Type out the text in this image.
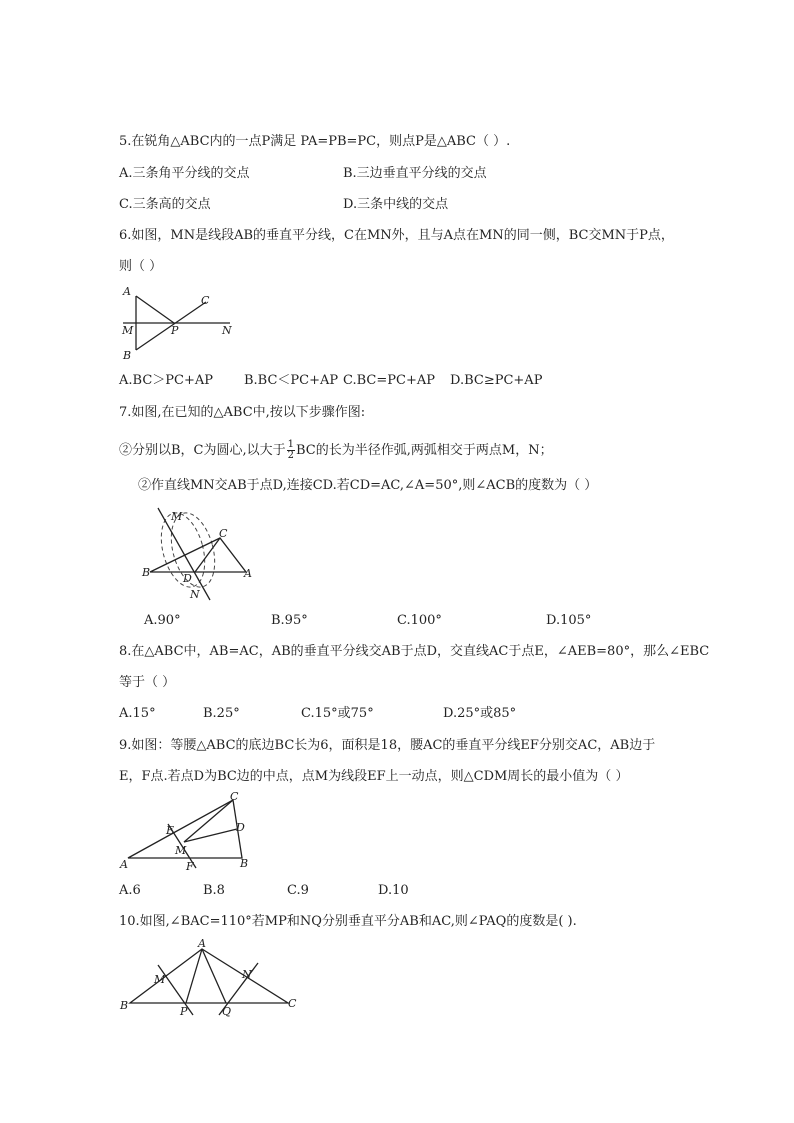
5.在锐角△ABC内的一点P满足 PA=PB=PC，则点P是△ABC（ ）.
A.三条角平分线的交点	B.三边垂直平分线的交点
C.三条高的交点	D.三条中线的交点
6.如图，MN是线段AB的垂直平分线，C在MN外，且与A点在MN的同一侧，BC交MN于P点，
则（ ）
A
B
C
M	N
P
A.BC＞PC+AP B.BC＜PC+AP C.BC=PC+AP D.BC≥PC+AP
7.如图,在已知的△ABC中,按以下步骤作图:
②分别以B，C为圆心,以大于 $\frac{1}{2}$ BC的长为半径作弧,两弧相交于两点M，N；
②作直线MN交AB于点D,连接CD.若CD=AC,∠A=50°,则∠ACB的度数为（ ）
M
C
B	D	A
N
A.90°	B.95°	C.100°	D.105°
8.在△ABC中，AB=AC，AB的垂直平分线交AB于点D，交直线AC于点E，∠AEB=80°，那么∠EBC
等于（ ）
A.15°	B.25°	C.15°或75°	D.25°或85°
9.如图：等腰△ABC的底边BC长为6，面积是18，腰AC的垂直平分线EF分别交AC，AB边于
E，F点.若点D为BC边的中点，点M为线段EF上一动点，则△CDM周长的最小值为（ ）
C
E	D
M
A	F	B
A.6	B.8	C.9	D.10
10.如图,∠BAC=110°若MP和NQ分别垂直平分AB和AC,则∠PAQ的度数是( ).
A
M	N
B	P	Q
C
